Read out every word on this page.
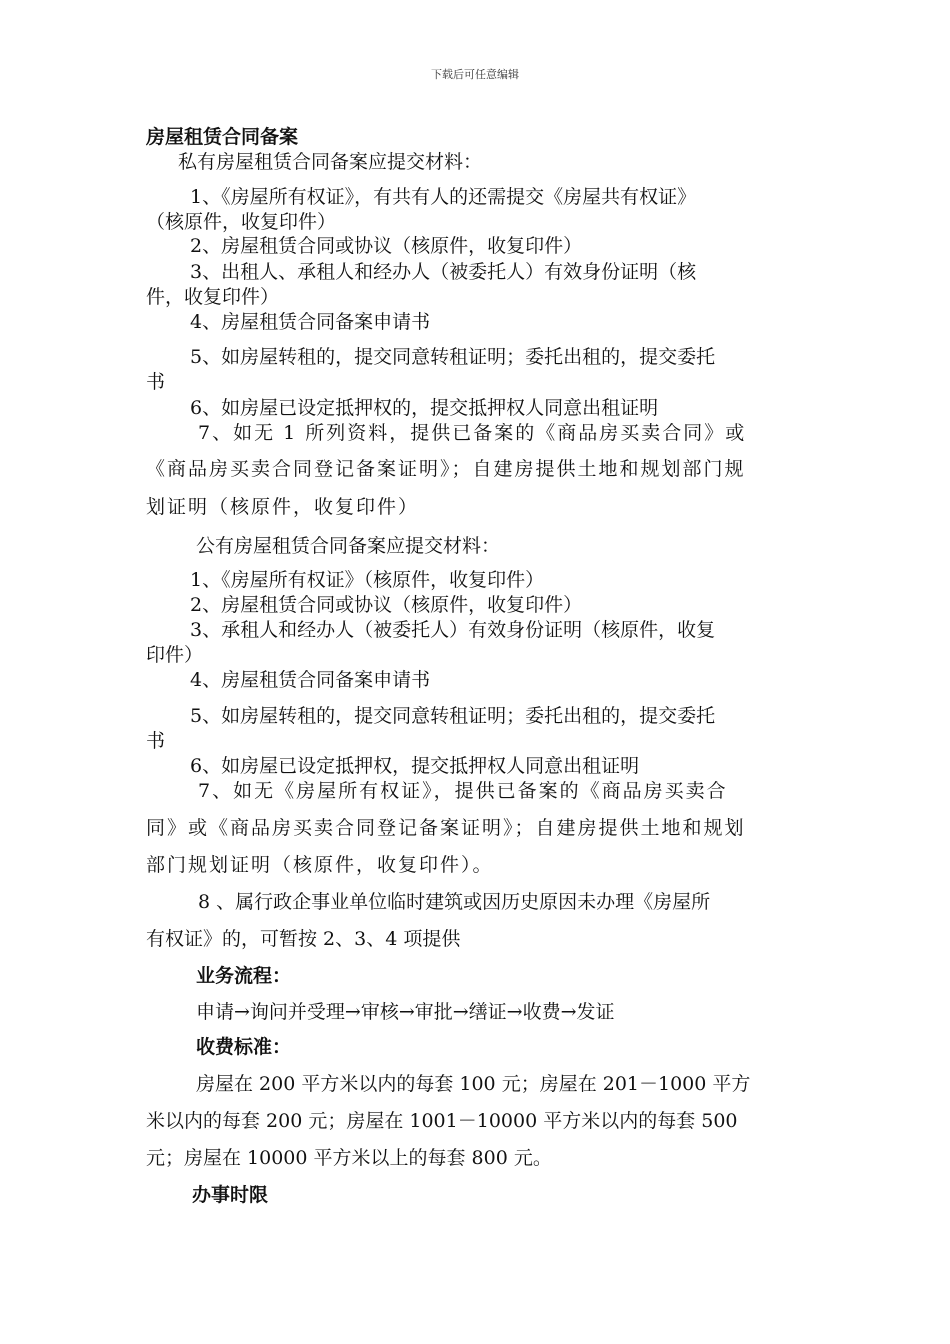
下载后可任意编辑
房屋租赁合同备案
私有房屋租赁合同备案应提交材料：
1、《房屋所有权证》，有共有人的还需提交《房屋共有权证》
（核原件，收复印件）
2、房屋租赁合同或协议（核原件，收复印件）
3、出租人、承租人和经办人（被委托人）有效身份证明（核
件，收复印件）
4、房屋租赁合同备案申请书
5、如房屋转租的，提交同意转租证明；委托出租的，提交委托
书
6、如房屋已设定抵押权的，提交抵押权人同意出租证明
7、如无 1 所列资料，提供已备案的《商品房买卖合同》或
《商品房买卖合同登记备案证明》；自建房提供土地和规划部门规
划证明（核原件，收复印件）
公有房屋租赁合同备案应提交材料：
1、《房屋所有权证》（核原件，收复印件）
2、房屋租赁合同或协议（核原件，收复印件）
3、承租人和经办人（被委托人）有效身份证明（核原件，收复
印件）
4、房屋租赁合同备案申请书
5、如房屋转租的，提交同意转租证明；委托出租的，提交委托
书
6、如房屋已设定抵押权，提交抵押权人同意出租证明
7、如无《房屋所有权证》，提供已备案的《商品房买卖合
同》或《商品房买卖合同登记备案证明》；自建房提供土地和规划
部门规划证明（核原件，收复印件）。
8 、属行政企事业单位临时建筑或因历史原因未办理《房屋所
有权证》的，可暂按 2、3、4 项提供
业务流程：
申请→询问并受理→审核→审批→缮证→收费→发证
收费标准：
房屋在 200 平方米以内的每套 100 元；房屋在 201－1000 平方
米以内的每套 200 元；房屋在 1001－10000 平方米以内的每套 500
元；房屋在 10000 平方米以上的每套 800 元。
办事时限
